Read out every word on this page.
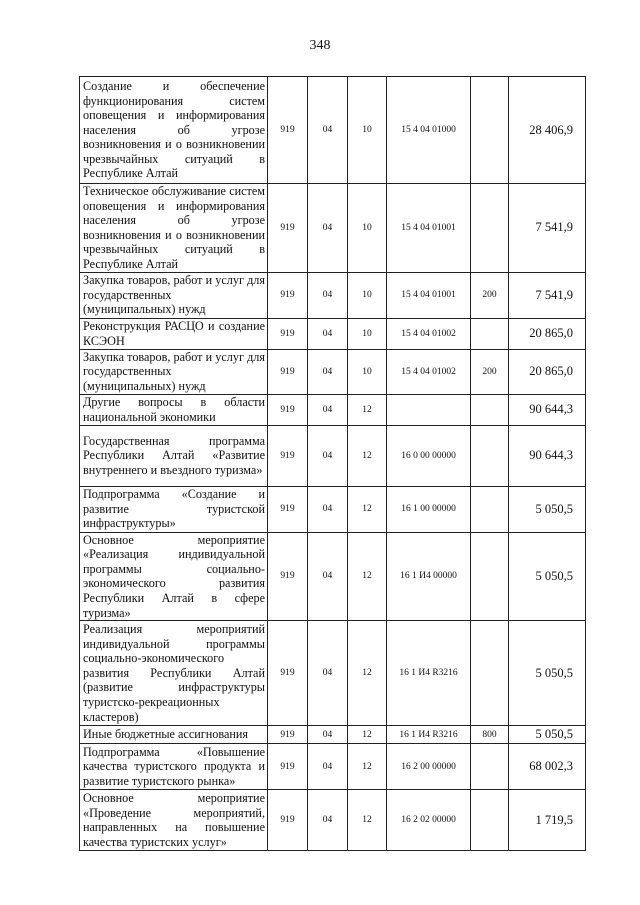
348
Создание и обеспечение функционирования систем оповещения и информирования населения об угрозе возникновения и о возникновении чрезвычайных ситуаций в Республике Алтай	919	04	10	15 4 04 01000		28 406,9
Техническое обслуживание систем оповещения и информирования населения об угрозе возникновения и о возникновении чрезвычайных ситуаций в Республике Алтай	919	04	10	15 4 04 01001		7 541,9
Закупка товаров, работ и услуг для государственных (муниципальных) нужд	919	04	10	15 4 04 01001	200	7 541,9
Реконструкция РАСЦО и создание КСЭОН	919	04	10	15 4 04 01002		20 865,0
Закупка товаров, работ и услуг для государственных (муниципальных) нужд	919	04	10	15 4 04 01002	200	20 865,0
Другие вопросы в области национальной экономики	919	04	12			90 644,3
Государственная программа Республики Алтай «Развитие внутреннего и въездного туризма»	919	04	12	16 0 00 00000		90 644,3
Подпрограмма «Создание и развитие туристской инфраструктуры»	919	04	12	16 1 00 00000		5 050,5
Основное мероприятие «Реализация индивидуальной программы социально-экономического развития Республики Алтай в сфере туризма»	919	04	12	16 1 И4 00000		5 050,5
Реализация мероприятий индивидуальной программы социально-экономического развития Республики Алтай (развитие инфраструктуры туристско-рекреационных кластеров)	919	04	12	16 1 И4 R3216		5 050,5
Иные бюджетные ассигнования	919	04	12	16 1 И4 R3216	800	5 050,5
Подпрограмма «Повышение качества туристского продукта и развитие туристского рынка»	919	04	12	16 2 00 00000		68 002,3
Основное мероприятие «Проведение мероприятий, направленных на повышение качества туристских услуг»	919	04	12	16 2 02 00000		1 719,5
